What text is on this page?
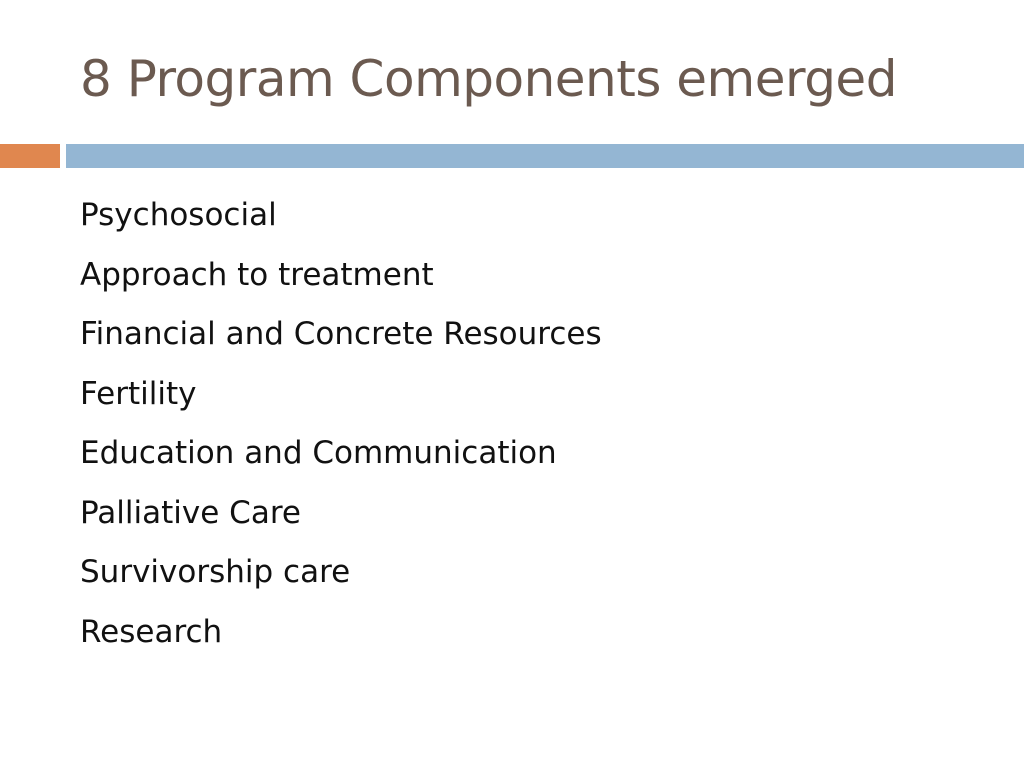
8 Program Components emerged
Psychosocial
Approach to treatment
Financial and Concrete Resources
Fertility
Education and Communication
Palliative Care
Survivorship care
Research
